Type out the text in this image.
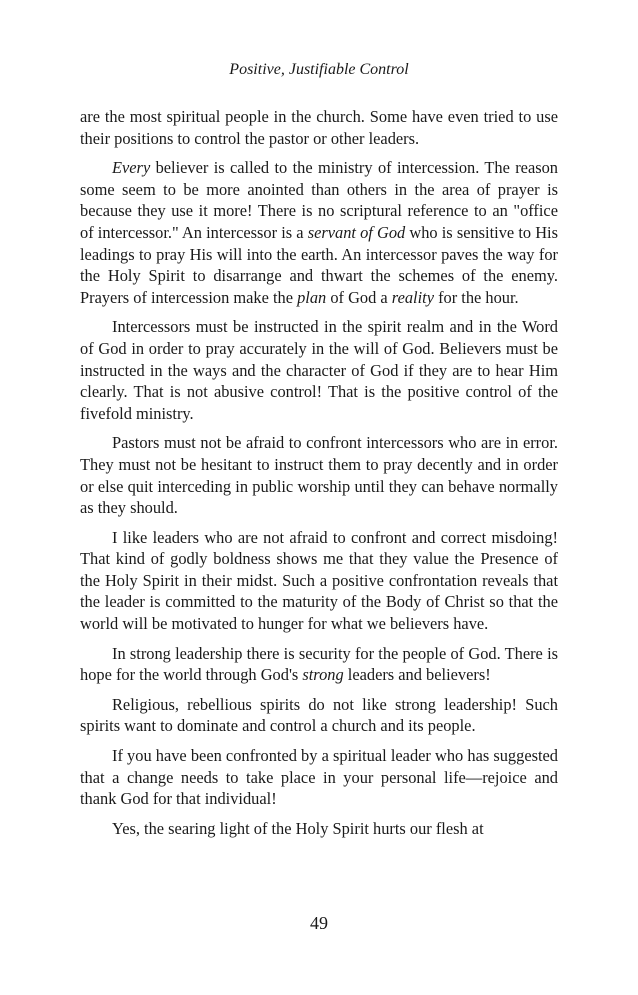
Positive, Justifiable Control

are the most spiritual people in the church. Some have even tried to use their positions to control the pastor or other leaders.

Every believer is called to the ministry of intercession. The reason some seem to be more anointed than others in the area of prayer is because they use it more! There is no scriptural reference to an "office of intercessor." An intercessor is a servant of God who is sensitive to His leadings to pray His will into the earth. An intercessor paves the way for the Holy Spirit to disarrange and thwart the schemes of the enemy. Prayers of intercession make the plan of God a reality for the hour.

Intercessors must be instructed in the spirit realm and in the Word of God in order to pray accurately in the will of God. Believers must be instructed in the ways and the character of God if they are to hear Him clearly. That is not abusive control! That is the positive control of the fivefold ministry.

Pastors must not be afraid to confront intercessors who are in error. They must not be hesitant to instruct them to pray decently and in order or else quit interceding in public worship until they can behave normally as they should.

I like leaders who are not afraid to confront and correct misdoing! That kind of godly boldness shows me that they value the Presence of the Holy Spirit in their midst. Such a positive confrontation reveals that the leader is committed to the maturity of the Body of Christ so that the world will be motivated to hunger for what we believers have.

In strong leadership there is security for the people of God. There is hope for the world through God's strong leaders and believers!

Religious, rebellious spirits do not like strong leadership! Such spirits want to dominate and control a church and its people.

If you have been confronted by a spiritual leader who has suggested that a change needs to take place in your personal life—rejoice and thank God for that individual!

Yes, the searing light of the Holy Spirit hurts our flesh at

49
